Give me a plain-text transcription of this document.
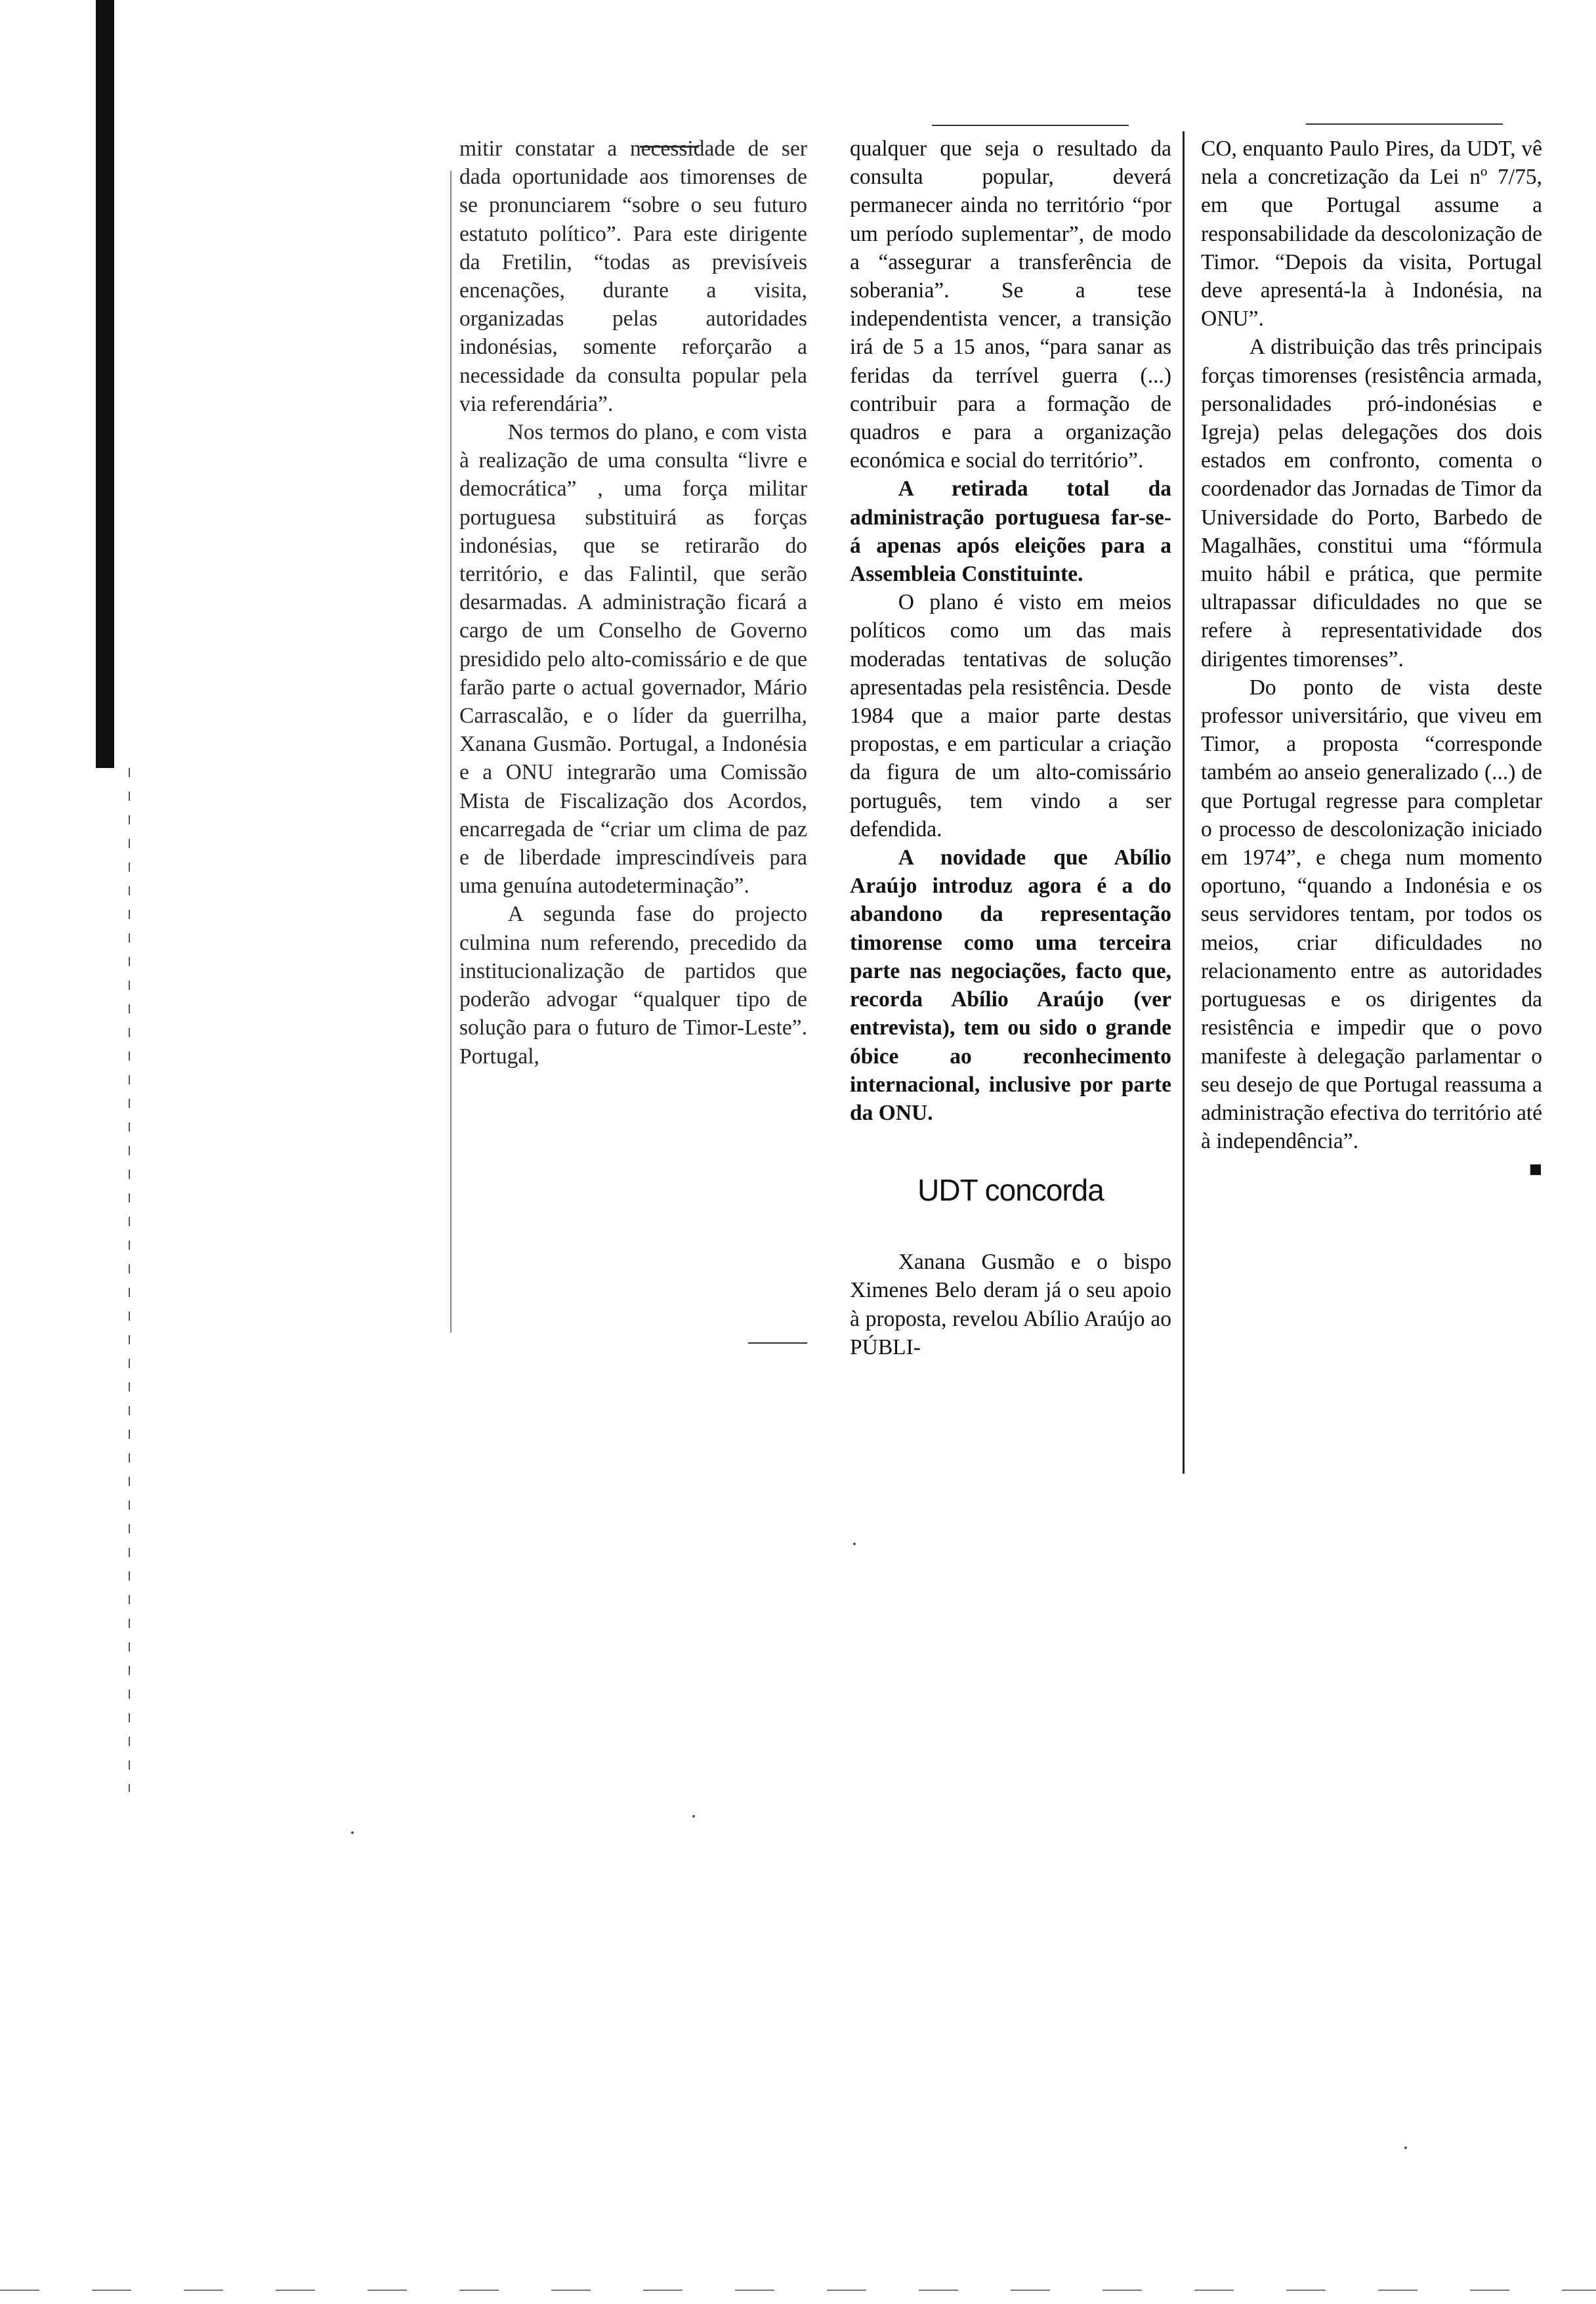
mitir constatar a necessidade de ser dada oportunidade aos timorenses de se pronunciarem “sobre o seu futuro estatuto político”. Para este dirigente da Fretilin, “todas as previsíveis encenações, durante a visita, organizadas pelas autoridades indonésias, somente reforçarão a necessidade da consulta popular pela via referendária”.

Nos termos do plano, e com vista à realização de uma consulta “livre e democrática” , uma força militar portuguesa substituirá as forças indonésias, que se retirarão do território, e das Falintil, que serão desarmadas. A administração ficará a cargo de um Conselho de Governo presidido pelo alto-comissário e de que farão parte o actual governador, Mário Carrascalão, e o líder da guerrilha, Xanana Gusmão. Portugal, a Indonésia e a ONU integrarão uma Comissão Mista de Fiscalização dos Acordos, encarregada de “criar um clima de paz e de liberdade imprescindíveis para uma genuína autodeterminação”.

A segunda fase do projecto culmina num referendo, precedido da institucionalização de partidos que poderão advogar “qualquer tipo de solução para o futuro de Timor-Leste”. Portugal,

qualquer que seja o resultado da consulta popular, deverá permanecer ainda no território “por um período suplementar”, de modo a “assegurar a transferência de soberania”. Se a tese independentista vencer, a transição irá de 5 a 15 anos, “para sanar as feridas da terrível guerra (...) contribuir para a formação de quadros e para a organização económica e social do território”.

A retirada total da administração portuguesa far-se-á apenas após eleições para a Assembleia Constituinte.

O plano é visto em meios políticos como um das mais moderadas tentativas de solução apresentadas pela resistência. Desde 1984 que a maior parte destas propostas, e em particular a criação da figura de um alto-comissário português, tem vindo a ser defendida.

A novidade que Abílio Araújo introduz agora é a do abandono da representação timorense como uma terceira parte nas negociações, facto que, recorda Abílio Araújo (ver entrevista), tem ou sido o grande óbice ao reconhecimento internacional, inclusive por parte da ONU.

UDT concorda

Xanana Gusmão e o bispo Ximenes Belo deram já o seu apoio à proposta, revelou Abílio Araújo ao PÚBLI-

CO, enquanto Paulo Pires, da UDT, vê nela a concretização da Lei nº 7/75, em que Portugal assume a responsabilidade da descolonização de Timor. “Depois da visita, Portugal deve apresentá-la à Indonésia, na ONU”.

A distribuição das três principais forças timorenses (resistência armada, personalidades pró-indonésias e Igreja) pelas delegações dos dois estados em confronto, comenta o coordenador das Jornadas de Timor da Universidade do Porto, Barbedo de Magalhães, constitui uma “fórmula muito hábil e prática, que permite ultrapassar dificuldades no que se refere à representatividade dos dirigentes timorenses”.

Do ponto de vista deste professor universitário, que viveu em Timor, a proposta “corresponde também ao anseio generalizado (...) de que Portugal regresse para completar o processo de descolonização iniciado em 1974”, e chega num momento oportuno, “quando a Indonésia e os seus servidores tentam, por todos os meios, criar dificuldades no relacionamento entre as autoridades portuguesas e os dirigentes da resistência e impedir que o povo manifeste à delegação parlamentar o seu desejo de que Portugal reassuma a administração efectiva do território até à independência”.

■
